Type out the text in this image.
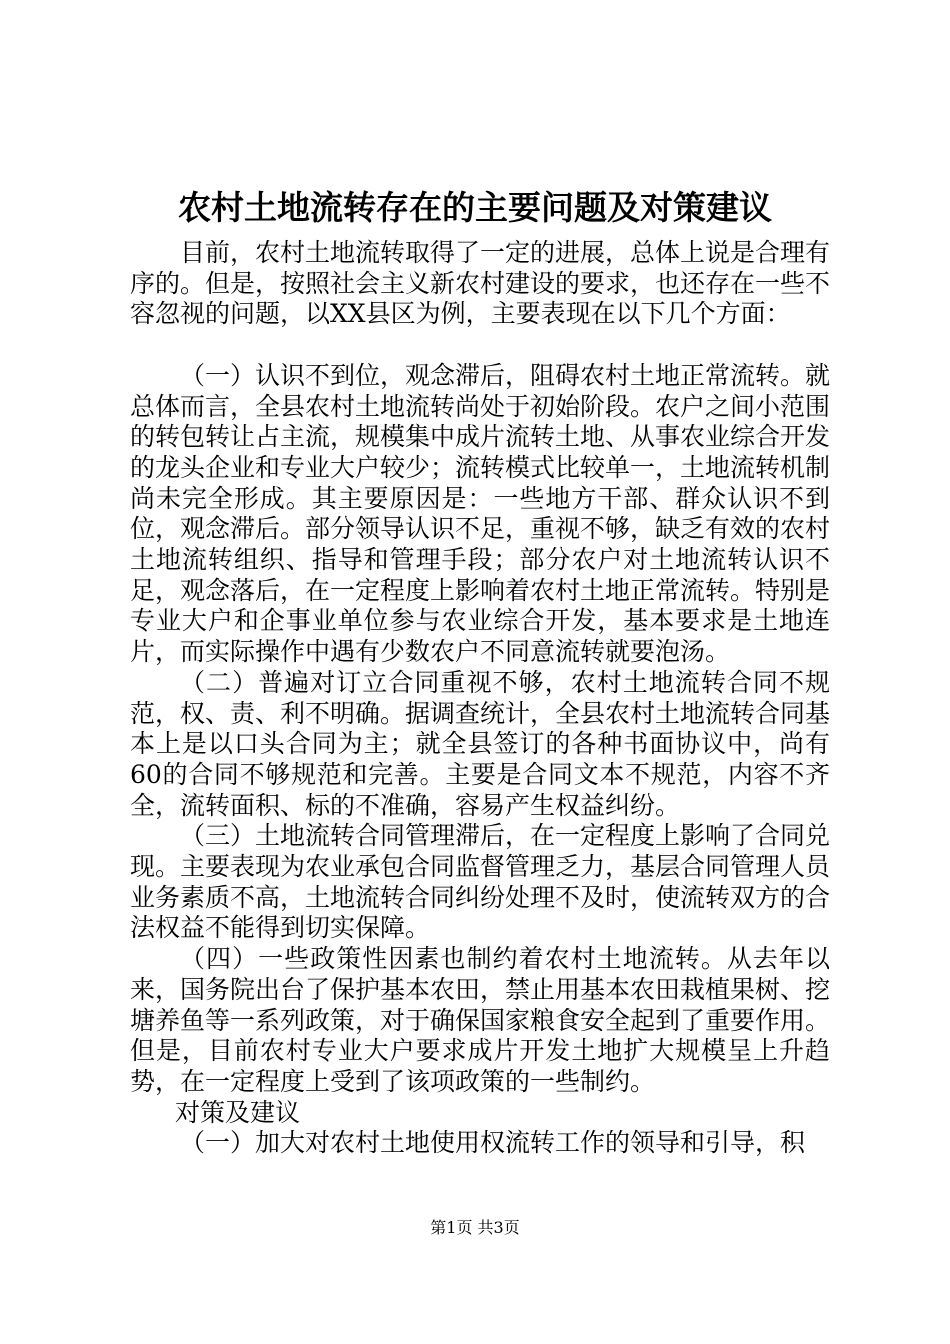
农村土地流转存在的主要问题及对策建议

目前，农村土地流转取得了一定的进展，总体上说是合理有序的。但是，按照社会主义新农村建设的要求，也还存在一些不容忽视的问题，以XX县区为例，主要表现在以下几个方面：

（一）认识不到位，观念滞后，阻碍农村土地正常流转。就总体而言，全县农村土地流转尚处于初始阶段。农户之间小范围的转包转让占主流，规模集中成片流转土地、从事农业综合开发的龙头企业和专业大户较少；流转模式比较单一，土地流转机制尚未完全形成。其主要原因是：一些地方干部、群众认识不到位，观念滞后。部分领导认识不足，重视不够，缺乏有效的农村土地流转组织、指导和管理手段；部分农户对土地流转认识不足，观念落后，在一定程度上影响着农村土地正常流转。特别是专业大户和企事业单位参与农业综合开发，基本要求是土地连片，而实际操作中遇有少数农户不同意流转就要泡汤。

（二）普遍对订立合同重视不够，农村土地流转合同不规范，权、责、利不明确。据调查统计，全县农村土地流转合同基本上是以口头合同为主；就全县签订的各种书面协议中，尚有60的合同不够规范和完善。主要是合同文本不规范，内容不齐全，流转面积、标的不准确，容易产生权益纠纷。

（三）土地流转合同管理滞后，在一定程度上影响了合同兑现。主要表现为农业承包合同监督管理乏力，基层合同管理人员业务素质不高，土地流转合同纠纷处理不及时，使流转双方的合法权益不能得到切实保障。

（四）一些政策性因素也制约着农村土地流转。从去年以来，国务院出台了保护基本农田，禁止用基本农田栽植果树、挖塘养鱼等一系列政策，对于确保国家粮食安全起到了重要作用。但是，目前农村专业大户要求成片开发土地扩大规模呈上升趋势，在一定程度上受到了该项政策的一些制约。

对策及建议

（一）加大对农村土地使用权流转工作的领导和引导，积

第1页 共3页
